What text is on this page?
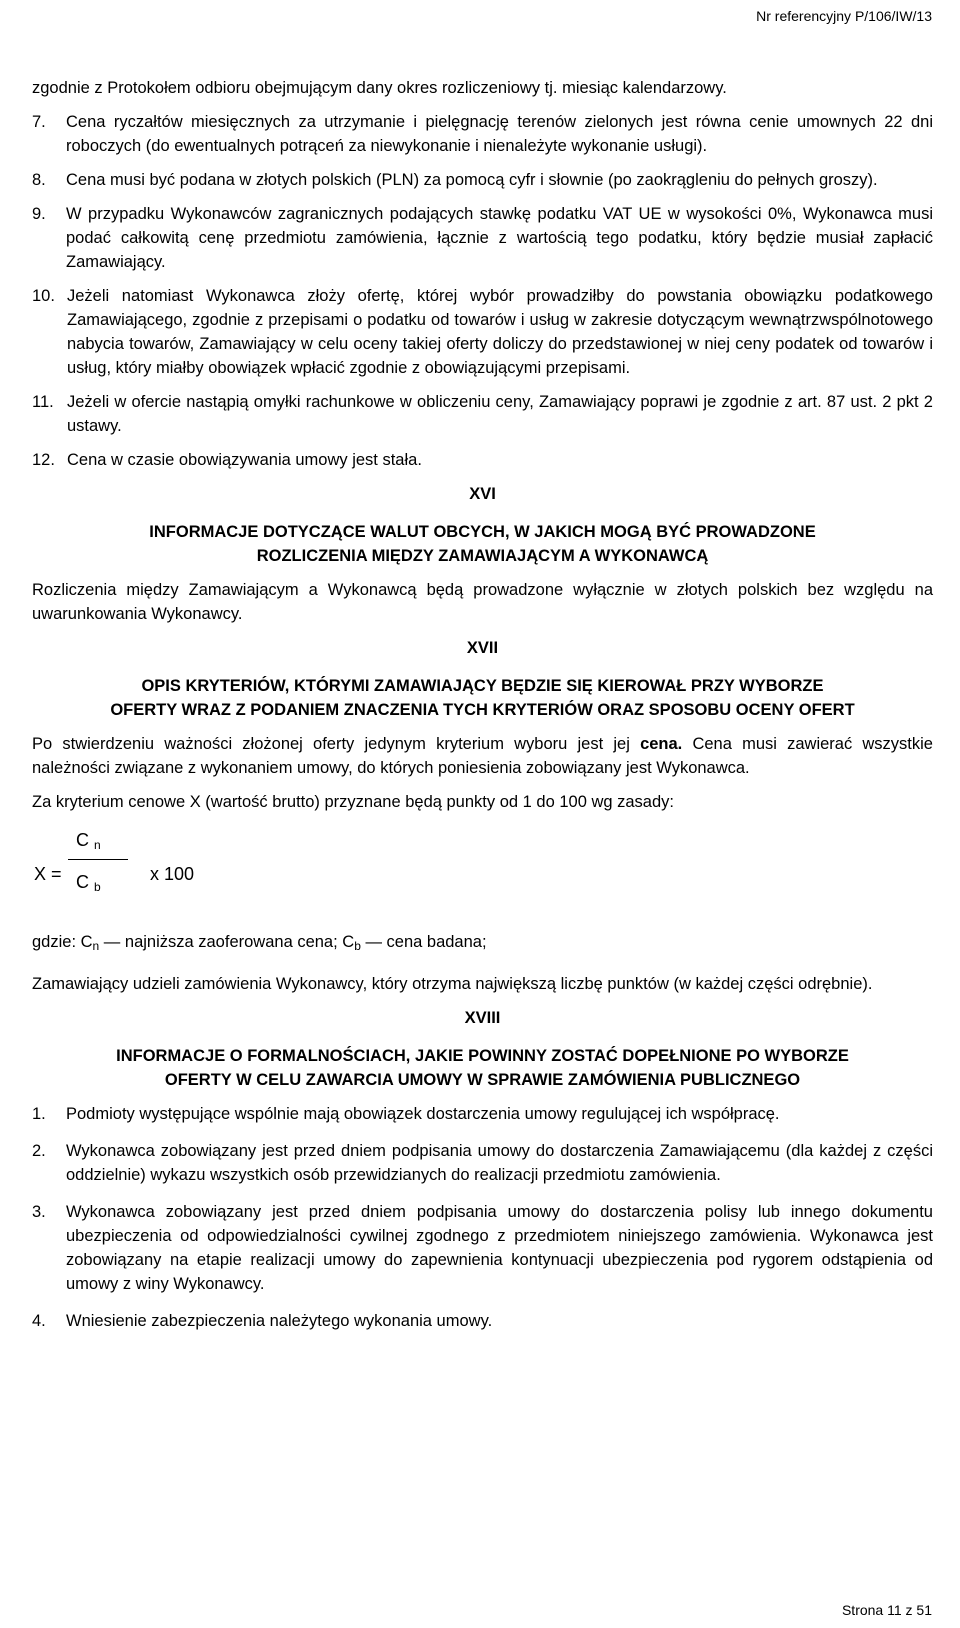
Nr referencyjny P/106/IW/13

zgodnie z Protokołem odbioru obejmującym dany okres rozliczeniowy tj. miesiąc kalendarzowy.

7.	Cena ryczałtów miesięcznych za utrzymanie i pielęgnację terenów zielonych jest równa cenie umownych 22 dni roboczych (do ewentualnych potrąceń za niewykonanie i nienależyte wykonanie usługi).
8.	Cena musi być podana w złotych polskich (PLN) za pomocą cyfr i słownie (po zaokrągleniu do pełnych groszy).
9.	W przypadku Wykonawców zagranicznych podających stawkę podatku VAT UE w wysokości 0%, Wykonawca musi podać całkowitą cenę przedmiotu zamówienia, łącznie z wartością tego podatku, który będzie musiał zapłacić Zamawiający.
10. Jeżeli natomiast Wykonawca złoży ofertę, której wybór prowadziłby do powstania obowiązku podatkowego Zamawiającego, zgodnie z przepisami o podatku od towarów i usług w zakresie dotyczącym wewnątrzwspólnotowego nabycia towarów, Zamawiający w celu oceny takiej oferty doliczy do przedstawionej w niej ceny podatek od towarów i usług, który miałby obowiązek wpłacić zgodnie z obowiązującymi przepisami.
11. Jeżeli w ofercie nastąpią omyłki rachunkowe w obliczeniu ceny, Zamawiający poprawi je zgodnie z art. 87 ust. 2 pkt 2 ustawy.
12. Cena w czasie obowiązywania umowy jest stała.
XVI
INFORMACJE DOTYCZĄCE WALUT OBCYCH, W JAKICH MOGĄ BYĆ PROWADZONE
ROZLICZENIA MIĘDZY ZAMAWIAJĄCYM A WYKONAWCĄ

Rozliczenia między Zamawiającym a Wykonawcą będą prowadzone wyłącznie w złotych polskich bez względu na uwarunkowania Wykonawcy.

XVII
OPIS KRYTERIÓW, KTÓRYMI ZAMAWIAJĄCY BĘDZIE SIĘ KIEROWAŁ PRZY WYBORZE
OFERTY WRAZ Z PODANIEM ZNACZENIA TYCH KRYTERIÓW ORAZ SPOSOBU OCENY OFERT

Po stwierdzeniu ważności złożonej oferty jedynym kryterium wyboru jest jej cena. Cena musi zawierać wszystkie należności związane z wykonaniem umowy, do których poniesienia zobowiązany jest Wykonawca.

Za kryterium cenowe X (wartość brutto) przyznane będą punkty od 1 do 100 wg zasady:

X =
C $_n$
C $_b$
x 100

gdzie: $C_n$ — najniższa zaoferowana cena; $C_b$ — cena badana;

Zamawiający udzieli zamówienia Wykonawcy, który otrzyma największą liczbę punktów (w każdej części odrębnie).

XVIII
INFORMACJE O FORMALNOŚCIACH, JAKIE POWINNY ZOSTAĆ DOPEŁNIONE PO WYBORZE
OFERTY W CELU ZAWARCIA UMOWY W SPRAWIE ZAMÓWIENIA PUBLICZNEGO
1.	Podmioty występujące wspólnie mają obowiązek dostarczenia umowy regulującej ich współpracę.
2.	Wykonawca zobowiązany jest przed dniem podpisania umowy do dostarczenia Zamawiającemu (dla każdej z części oddzielnie) wykazu wszystkich osób przewidzianych do realizacji przedmiotu zamówienia.
3.	Wykonawca zobowiązany jest przed dniem podpisania umowy do dostarczenia polisy lub innego dokumentu ubezpieczenia od odpowiedzialności cywilnej zgodnego z przedmiotem niniejszego zamówienia. Wykonawca jest zobowiązany na etapie realizacji umowy do zapewnienia kontynuacji ubezpieczenia pod rygorem odstąpienia od umowy z winy Wykonawcy.
4.	Wniesienie zabezpieczenia należytego wykonania umowy.
Strona 11 z 51
